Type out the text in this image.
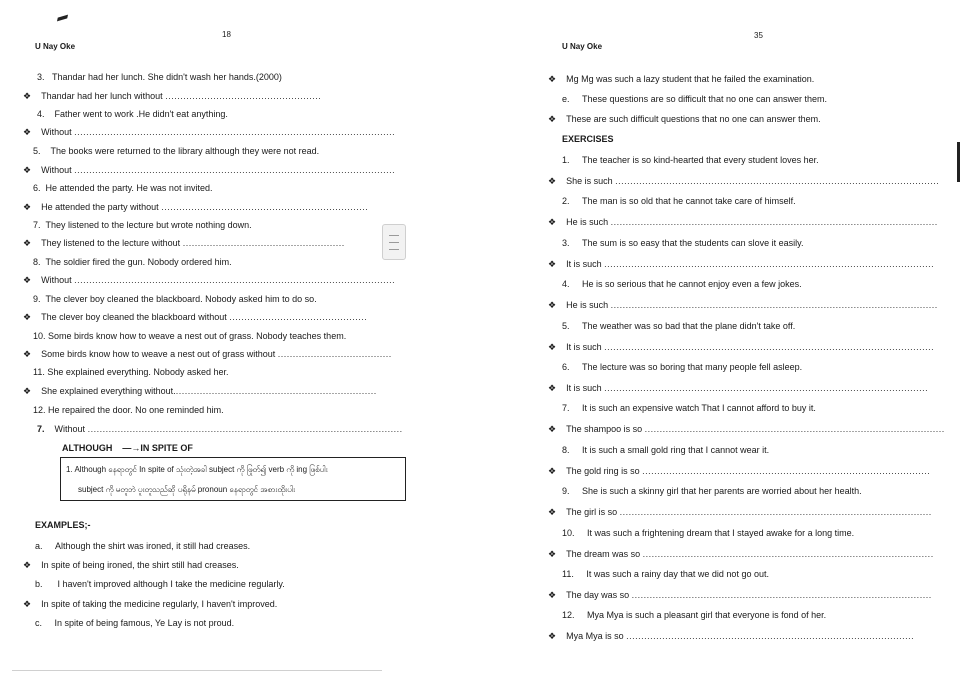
18
U Nay Oke
3. Thandar had her lunch. She didn't wash her hands.(2000)
❖ Thandar had her lunch without ....................................................
4. Father went to work .He didn't eat anything.
❖ Without ...........................................................................................................
5. The books were returned to the library although they were not read.
❖ Without ...........................................................................................................
6. He attended the party. He was not invited.
❖ He attended the party without .....................................................................
7. They listened to the lecture but wrote nothing down.
❖ They listened to the lecture without ......................................................
8. The soldier fired the gun. Nobody ordered him.
❖ Without ...........................................................................................................
9. The clever boy cleaned the blackboard. Nobody asked him to do so.
❖ The clever boy cleaned the blackboard without ..............................................
10. Some birds know how to weave a nest out of grass. Nobody teaches them.
❖ Some birds know how to weave a nest out of grass without ......................................
11. She explained everything. Nobody asked her.
❖ She explained everything without....................................................................
12. He repaired the door. No one reminded him.
7. Without .........................................................................................................
ALTHOUGH —→IN SPITE OF
1. Although နေရာတွင် In spite of သုံးတဲ့အခါ subject ကို ဖြုတ်၍ verb ကို ing ဖြစ်ပါး
subject ကို မတူဘဲ ပူးတူသည်ဆို ပရိုနမ် pronoun နေရာတွင် အစားထိုးပါး
EXAMPLES;-
a. Although the shirt was ironed, it still had creases.
❖ In spite of being ironed, the shirt still had creases.
b. I haven't improved although I take the medicine regularly.
❖ In spite of taking the medicine regularly, I haven't improved.
c. In spite of being famous, Ye Lay is not proud.
35
U Nay Oke
❖ Mg Mg was such a lazy student that he failed the examination.
e. These questions are so difficult that no one can answer them.
❖ These are such difficult questions that no one can answer them.
EXERCISES
1. The teacher is so kind-hearted that every student loves her.
❖ She is such ............................................................................................................
2. The man is so old that he cannot take care of himself.
❖ He is such .............................................................................................................
3. The sum is so easy that the students can slove it easily.
❖ It is such ..............................................................................................................
4. He is so serious that he cannot enjoy even a few jokes.
❖ He is such .............................................................................................................
5. The weather was so bad that the plane didn't take off.
❖ It is such ..............................................................................................................
6. The lecture was so boring that many people fell asleep.
❖ It is such ............................................................................................................
7. It is such an expensive watch That I cannot afford to buy it.
❖ The shampoo is so ....................................................................................................
8. It is such a small gold ring that I cannot wear it.
❖ The gold ring is so ................................................................................................
9. She is such a skinny girl that her parents are worried about her health.
❖ The girl is so ........................................................................................................
10. It was such a frightening dream that I stayed awake for a long time.
❖ The dream was so .................................................................................................
11. It was such a rainy day that we did not go out.
❖ The day was so ....................................................................................................
12. Mya Mya is such a pleasant girl that everyone is fond of her.
❖ Mya Mya is so ................................................................................................
